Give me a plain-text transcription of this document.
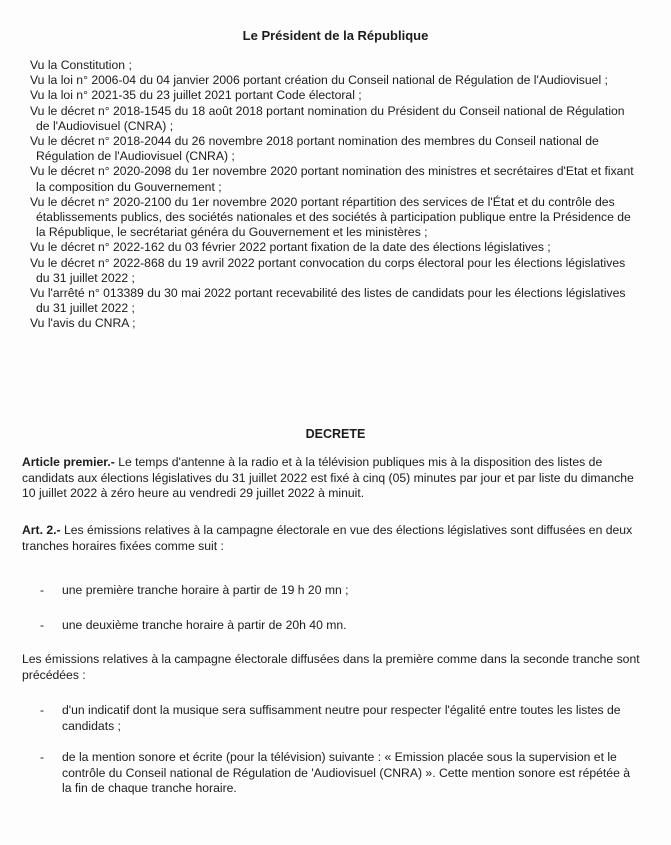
Le Président de la République

Vu la Constitution ;

Vu la loi n° 2006-04 du 04 janvier 2006 portant création du Conseil national de Régulation de l'Audiovisuel ;

Vu la loi n° 2021-35 du 23 juillet 2021 portant Code électoral ;

Vu le décret n° 2018-1545 du 18 août 2018 portant nomination du Président du Conseil national de Régulation de l'Audiovisuel (CNRA) ;

Vu le décret n° 2018-2044 du 26 novembre 2018 portant nomination des membres du Conseil national de Régulation de l'Audiovisuel (CNRA) ;

Vu le décret n° 2020-2098 du 1er novembre 2020 portant nomination des ministres et secrétaires d'Etat et fixant la composition du Gouvernement ;

Vu le décret n° 2020-2100 du 1er novembre 2020 portant répartition des services de l'État et du contrôle des établissements publics, des sociétés nationales et des sociétés à participation publique entre la Présidence de la République, le secrétariat généra du Gouvernement et les ministères ;

Vu le décret n° 2022-162 du 03 février 2022 portant fixation de la date des élections législatives ;

Vu le décret n° 2022-868 du 19 avril 2022 portant convocation du corps électoral pour les élections législatives du 31 juillet 2022 ;

Vu l'arrêté n° 013389 du 30 mai 2022 portant recevabilité des listes de candidats pour les élections législatives du 31 juillet 2022 ;

Vu l'avis du CNRA ;

DECRETE
Article premier.- Le temps d'antenne à la radio et à la télévision publiques mis à la disposition des listes de candidats aux élections législatives du 31 juillet 2022 est fixé à cinq (05) minutes par jour et par liste du dimanche 10 juillet 2022 à zéro heure au vendredi 29 juillet 2022 à minuit.
Art. 2.- Les émissions relatives à la campagne électorale en vue des élections législatives sont diffusées en deux tranches horaires fixées comme suit :
- une première tranche horaire à partir de 19 h 20 mn ;
- une deuxième tranche horaire à partir de 20h 40 mn.
Les émissions relatives à la campagne électorale diffusées dans la première comme dans la seconde tranche sont précédées :
- d'un indicatif dont la musique sera suffisamment neutre pour respecter l'égalité entre toutes les listes de candidats ;
- de la mention sonore et écrite (pour la télévision) suivante : « Emission placée sous la supervision et le contrôle du Conseil national de Régulation de 'Audiovisuel (CNRA) ». Cette mention sonore est répétée à la fin de chaque tranche horaire.
